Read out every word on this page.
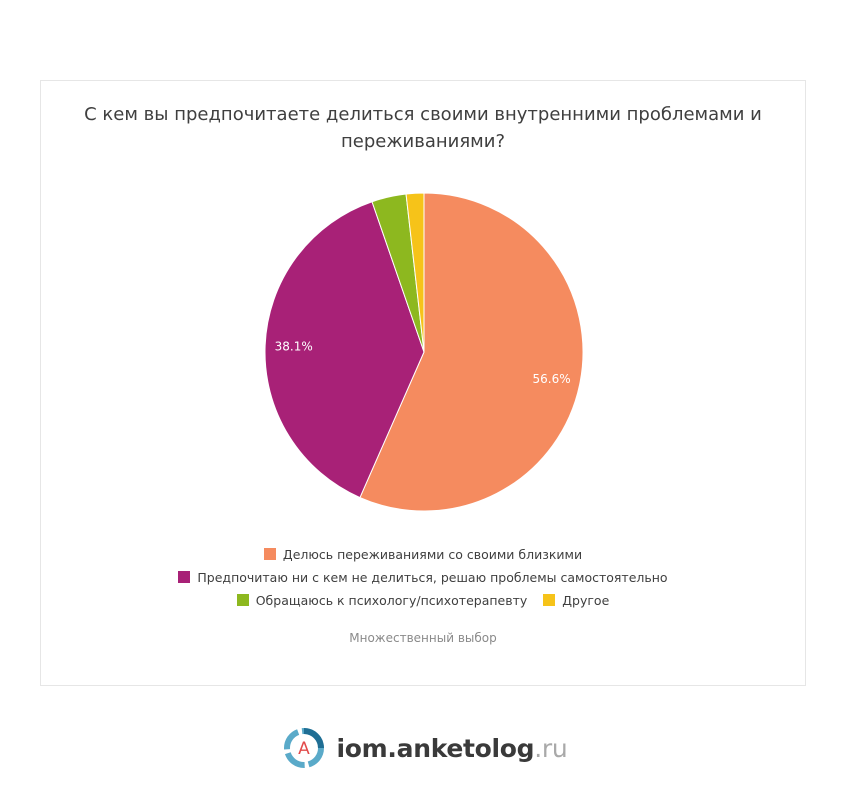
С кем вы предпочитаете делиться своими внутренними проблемами и переживаниями?
56.6%
38.1%
Делюсь переживаниями со своими близкими
Предпочитаю ни с кем не делиться, решаю проблемы самостоятельно
Обращаюсь к психологу/психотерапевту	Другое
Множественный выбор
А iom.anketolog.ru
